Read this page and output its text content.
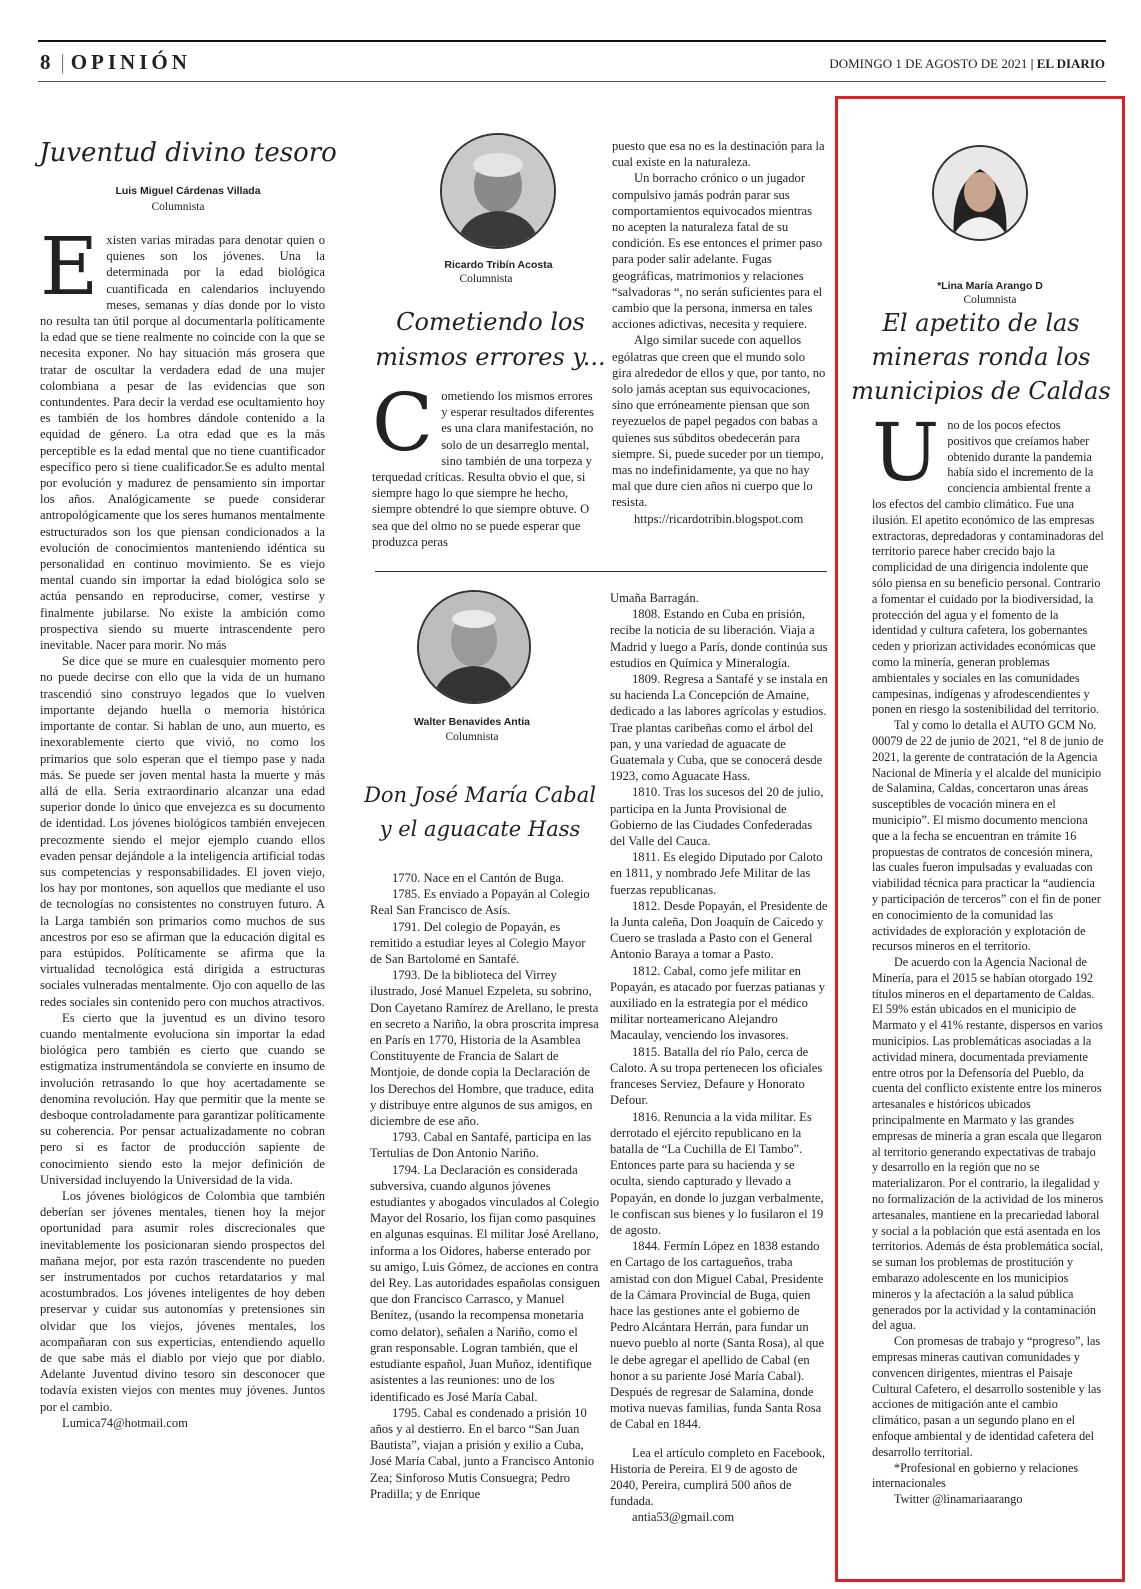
8 | OPINIÓN	DOMINGO 1 DE AGOSTO DE 2021 | EL DIARIO
Juventud divino tesoro
Luis Miguel Cárdenas Villada
Columnista
E xisten varias miradas para denotar quien o quienes son los jóvenes. Una la determinada por la edad biológica cuantificada en calendarios incluyendo meses, semanas y días donde por lo visto no resulta tan útil porque al documentarla políticamente la edad que se tiene realmente no coincide con la que se necesita exponer. No hay situación más grosera que tratar de oscultar la verdadera edad de una mujer colombiana a pesar de las evidencias que son contundentes. Para decir la verdad ese ocultamiento hoy es también de los hombres dándole contenido a la equidad de género. La otra edad que es la más perceptible es la edad mental que no tiene cuantificador específico pero si tiene cualificador.Se es adulto mental por evolución y madurez de pensamiento sin importar los años. Analógicamente se puede considerar antropológicamente que los seres humanos mentalmente estructurados son los que piensan condicionados a la evolución de conocimientos manteniendo idéntica su personalidad en continuo movimiento. Se es viejo mental cuando sin importar la edad biológica solo se actúa pensando en reproducirse, comer, vestirse y finalmente jubilarse. No existe la ambición como prospectiva siendo su muerte intrascendente pero inevitable. Nacer para morir. No más

Se dice que se mure en cualesquier momento pero no puede decirse con ello que la vida de un humano trascendió sino construyo legados que lo vuelven importante dejando huella o memoria histórica importante de contar. Si hablan de uno, aun muerto, es inexorablemente cierto que vivió, no como los primarios que solo esperan que el tiempo pase y nada más. Se puede ser joven mental hasta la muerte y más allá de ella. Seria extraordinario alcanzar una edad superior donde lo único que envejezca es su documento de identidad. Los jóvenes biológicos también envejecen precozmente siendo el mejor ejemplo cuando ellos evaden pensar dejándole a la inteligencia artificial todas sus competencias y responsabilidades. El joven viejo, los hay por montones, son aquellos que mediante el uso de tecnologías no consistentes no construyen futuro. A la Larga también son primarios como muchos de sus ancestros por eso se afirman que la educación digital es para estúpidos. Políticamente se afirma que la virtualidad tecnológica está dirigida a estructuras sociales vulneradas mentalmente. Ojo con aquello de las redes sociales sin contenido pero con muchos atractivos.

Es cierto que la juventud es un divino tesoro cuando mentalmente evoluciona sin importar la edad biológica pero también es cierto que cuando se estigmatiza instrumentándola se convierte en insumo de involución retrasando lo que hoy acertadamente se denomina revolución. Hay que permitir que la mente se desboque controladamente para garantizar políticamente su coherencia. Por pensar actualizadamente no cobran pero si es factor de producción sapiente de conocimiento siendo esto la mejor definición de Universidad incluyendo la Universidad de la vida.

Los jóvenes biológicos de Colombia que también deberían ser jóvenes mentales, tienen hoy la mejor oportunidad para asumir roles discrecionales que inevitablemente los posicionaran siendo prospectos del mañana mejor, por esta razón trascendente no pueden ser instrumentados por cuchos retardatarios y mal acostumbrados. Los jóvenes inteligentes de hoy deben preservar y cuidar sus autonomías y pretensiones sin olvidar que los viejos, jóvenes mentales, los acompañaran con sus experticias, entendiendo aquello de que sabe más el diablo por viejo que por diablo. Adelante Juventud divino tesoro sin desconocer que todavía existen viejos con mentes muy jóvenes. Juntos por el cambio.

Lumica74@hotmail.com

Ricardo Tribín Acosta
Columnista
Cometiendo los
mismos errores y...
C ometiendo los mismos errores y esperar resultados diferentes es una clara manifestación, no solo de un desarreglo mental, sino también de una torpeza y terquedad críticas. Resulta obvio el que, si siempre hago lo que siempre he hecho, siempre obtendré lo que siempre obtuve. O sea que del olmo no se puede esperar que produzca peras

puesto que esa no es la destinación para la cual existe en la naturaleza.

Un borracho crónico o un jugador compulsivo jamás podrán parar sus comportamientos equivocados mientras no acepten la naturaleza fatal de su condición. Es ese entonces el primer paso para poder salir adelante. Fugas geográficas, matrimonios y relaciones “salvadoras “, no serán suficientes para el cambio que la persona, inmersa en tales acciones adictivas, necesita y requiere.

Algo similar sucede con aquellos ególatras que creen que el mundo solo gira alrededor de ellos y que, por tanto, no solo jamás aceptan sus equivocaciones, sino que erróneamente piensan que son reyezuelos de papel pegados con babas a quienes sus súbditos obedecerán para siempre. Si, puede suceder por un tiempo, mas no indefinidamente, ya que no hay mal que dure cien años ni cuerpo que lo resista.

https://ricardotribin.blogspot.com

Walter Benavides Antia
Columnista
Don José María Cabal
y el aguacate Hass

1770. Nace en el Cantón de Buga.

1785. Es enviado a Popayán al Colegio Real San Francisco de Asís.

1791. Del colegio de Popayán, es remitido a estudiar leyes al Colegio Mayor de San Bartolomé en Santafé.

1793. De la biblioteca del Virrey ilustrado, José Manuel Ezpeleta, su sobrino, Don Cayetano Ramírez de Arellano, le presta en secreto a Nariño, la obra proscrita impresa en París en 1770, Historia de la Asamblea Constituyente de Francia de Salart de Montjoie, de donde copia la Declaración de los Derechos del Hombre, que traduce, edita y distribuye entre algunos de sus amigos, en diciembre de ese año.

1793. Cabal en Santafé, participa en las Tertulias de Don Antonio Nariño.

1794. La Declaración es considerada subversiva, cuando algunos jóvenes estudiantes y abogados vinculados al Colegio Mayor del Rosario, los fijan como pasquines en algunas esquinas. El militar José Arellano, informa a los Oidores, haberse enterado por su amigo, Luis Gómez, de acciones en contra del Rey. Las autoridades españolas consiguen que don Francisco Carrasco, y Manuel Benítez, (usando la recompensa monetaria como delator), señalen a Nariño, como el gran responsable. Logran también, que el estudiante español, Juan Muñoz, identifique asistentes a las reuniones: uno de los identificado es José María Cabal.

1795. Cabal es condenado a prisión 10 años y al destierro. En el barco “San Juan Bautista”, viajan a prisión y exilio a Cuba, José María Cabal, junto a Francisco Antonio Zea; Sinforoso Mutis Consuegra; Pedro Pradilla; y de Enrique

Umaña Barragán.

1808. Estando en Cuba en prisión, recibe la noticia de su liberación. Viaja a Madrid y luego a París, donde continúa sus estudios en Química y Mineralogía.

1809. Regresa a Santafé y se instala en su hacienda La Concepción de Amaine, dedicado a las labores agrícolas y estudios. Trae plantas caribeñas como el árbol del pan, y una variedad de aguacate de Guatemala y Cuba, que se conocerá desde 1923, como Aguacate Hass.

1810. Tras los sucesos del 20 de julio, participa en la Junta Provisional de Gobierno de las Ciudades Confederadas del Valle del Cauca.

1811. Es elegido Diputado por Caloto en 1811, y nombrado Jefe Militar de las fuerzas republicanas.

1812. Desde Popayán, el Presidente de la Junta caleña, Don Joaquín de Caicedo y Cuero se traslada a Pasto con el General Antonio Baraya a tomar a Pasto.

1812. Cabal, como jefe militar en Popayán, es atacado por fuerzas patianas y auxiliado en la estrategia por el médico militar norteamericano Alejandro Macaulay, venciendo los invasores.

1815. Batalla del río Palo, cerca de Caloto. A su tropa pertenecen los oficiales franceses Serviez, Defaure y Honorato Defour.

1816. Renuncia a la vida militar. Es derrotado el ejército republicano en la batalla de “La Cuchilla de El Tambo”. Entonces parte para su hacienda y se oculta, siendo capturado y llevado a Popayán, en donde lo juzgan verbalmente, le confiscan sus bienes y lo fusilaron el 19 de agosto.

1844. Fermín López en 1838 estando en Cartago de los cartagueños, traba amistad con don Miguel Cabal, Presidente de la Cámara Provincial de Buga, quien hace las gestiones ante el gobierno de Pedro Alcántara Herrán, para fundar un nuevo pueblo al norte (Santa Rosa), al que le debe agregar el apellido de Cabal (en honor a su pariente José María Cabal). Después de regresar de Salamina, donde motiva nuevas familias, funda Santa Rosa de Cabal en 1844.

Lea el artículo completo en Facebook, Historia de Pereira. El 9 de agosto de 2040, Pereira, cumplirá 500 años de fundada.

antia53@gmail.com

*Lina María Arango D
Columnista
El apetito de las
mineras ronda los
municipios de Caldas
U no de los pocos efectos positivos que creíamos haber obtenido durante la pandemia había sido el incremento de la conciencia ambiental frente a los efectos del cambio climático. Fue una ilusión. El apetito económico de las empresas extractoras, depredadoras y contaminadoras del territorio parece haber crecido bajo la complicidad de una dirigencia indolente que sólo piensa en su beneficio personal. Contrario a fomentar el cuidado por la biodiversidad, la protección del agua y el fomento de la identidad y cultura cafetera, los gobernantes ceden y priorizan actividades económicas que como la minería, generan problemas ambientales y sociales en las comunidades campesinas, indígenas y afrodescendientes y ponen en riesgo la sostenibilidad del territorio.

Tal y como lo detalla el AUTO GCM No. 00079 de 22 de junio de 2021, “el 8 de junio de 2021, la gerente de contratación de la Agencia Nacional de Minería y el alcalde del municipio de Salamina, Caldas, concertaron unas áreas susceptibles de vocación minera en el municipio”. El mismo documento menciona que a la fecha se encuentran en trámite 16 propuestas de contratos de concesión minera, las cuales fueron impulsadas y evaluadas con viabilidad técnica para practicar la “audiencia y participación de terceros” con el fin de poner en conocimiento de la comunidad las actividades de exploración y explotación de recursos mineros en el territorio.

De acuerdo con la Agencia Nacional de Minería, para el 2015 se habían otorgado 192 títulos mineros en el departamento de Caldas. El 59% están ubicados en el municipio de Marmato y el 41% restante, dispersos en varios municipios. Las problemáticas asociadas a la actividad minera, documentada previamente entre otros por la Defensoría del Pueblo, da cuenta del conflicto existente entre los mineros artesanales e históricos ubicados principalmente en Marmato y las grandes empresas de minería a gran escala que llegaron al territorio generando expectativas de trabajo y desarrollo en la región que no se materializaron. Por el contrario, la ilegalidad y no formalización de la actividad de los mineros artesanales, mantiene en la precariedad laboral y social a la población que está asentada en los territorios. Además de ésta problemática social, se suman los problemas de prostitución y embarazo adolescente en los municipios mineros y la afectación a la salud pública generados por la actividad y la contaminación del agua.

Con promesas de trabajo y “progreso”, las empresas mineras cautivan comunidades y convencen dirigentes, mientras el Paisaje Cultural Cafetero, el desarrollo sostenible y las acciones de mitigación ante el cambio climático, pasan a un segundo plano en el enfoque ambiental y de identidad cafetera del desarrollo territorial.

*Profesional en gobierno y relaciones internacionales

Twitter @linamariaarango
